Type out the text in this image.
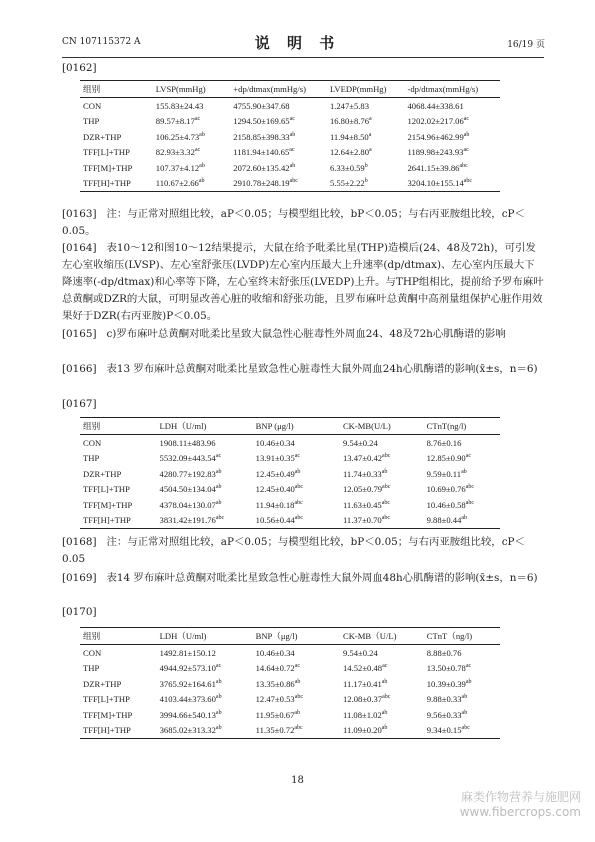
CN 107115372 A	说 明 书	16/19 页
[0162]
组别	LVSP(mmHg)	+dp/dtmax(mmHg/s)	LVEDP(mmHg)	-dp/dtmax(mmHg/s)
CON	155.83±24.43	4755.90±347.68	1.247±5.83	4068.44±338.61
THP	89.57±8.17$^{ac}$	1294.50±169.65$^{ac}$	16.80±8.76$^a$	1202.02±217.06$^{ac}$
DZR+THP	106.25±4.73$^{ab}$	2158.85±398.33$^{ab}$	11.94±8.50$^a$	2154.96±462.99$^{ab}$
TFF[L]+THP	82.93±3.32$^{ac}$	1181.94±140.65$^{ac}$	12.64±2.80$^a$	1189.98±243.93$^{ac}$
TFF[M]+THP	107.37±4.12$^{ab}$	2072.60±135.42$^{ab}$	6.33±0.59$^b$	2641.15±39.86$^{abc}$
TFF[H]+THP	110.67±2.66$^{ab}$	2910.78±248.19$^{abc}$	5.55±2.22$^b$	3204.10±155.14$^{abc}$
[0163] 注：与正常对照组比较，aP＜0.05；与模型组比较，bP＜0.05；与右丙亚胺组比较，cP＜0.05。
[0164] 表10～12和图10～12结果提示，大鼠在给予吡柔比星(THP)造模后(24、48及72h)，可引发左心室收缩压(LVSP)、左心室舒张压(LVDP)左心室内压最大上升速率(dp/dtmax)、左心室内压最大下降速率(-dp/dtmax)和心率等下降，左心室终末舒张压(LVEDP)上升。与THP组相比，提前给予罗布麻叶总黄酮或DZR的大鼠，可明显改善心脏的收缩和舒张功能，且罗布麻叶总黄酮中高剂量组保护心脏作用效果好于DZR(右丙亚胺)P＜0.05。
[0165] c)罗布麻叶总黄酮对吡柔比星致大鼠急性心脏毒性外周血24、48及72h心肌酶谱的影响
[0166] 表13 罗布麻叶总黄酮对吡柔比星致急性心脏毒性大鼠外周血24h心肌酶谱的影响(x̄±s，n＝6)
[0167]
组别	LDH（U/ml)	BNP (μg/l)	CK-MB(U/L)	CTnT(ng/l)
CON	1908.11±483.96	10.46±0.34	9.54±0.24	8.76±0.16
THP	5532.09±443.54$^{ac}$	13.91±0.35$^{ac}$	13.47±0.42$^{abc}$	12.85±0.90$^{ac}$
DZR+THP	4280.77±192.83$^{ab}$	12.45±0.49$^{ab}$	11.74±0.33$^{ab}$	9.59±0.11$^{ab}$
TFF[L]+THP	4504.50±134.04$^{ab}$	12.45±0.40$^{abc}$	12.05±0.79$^{abc}$	10.69±0.76$^{abc}$
TFF[M]+THP	4378.04±130.07$^{ab}$	11.94±0.18$^{abc}$	11.63±0.45$^{abc}$	10.46±0.58$^{abc}$
TFF[H]+THP	3831.42±191.76$^{abc}$	10.56±0.44$^{abc}$	11.37±0.70$^{abc}$	9.88±0.44$^{ab}$
[0168] 注：与正常对照组比较，aP＜0.05；与模型组比较，bP＜0.05；与右丙亚胺组比较，cP＜0.05
[0169] 表14 罗布麻叶总黄酮对吡柔比星致急性心脏毒性大鼠外周血48h心肌酶谱的影响(x̄±s，n＝6)
[0170]
组别	LDH（U/ml)	BNP（μg/l)	CK-MB（U/L)	CTnT（ng/l)
CON	1492.81±150.12	10.46±0.34	9.54±0.24	8.88±0.76
THP	4944.92±573.10$^{ac}$	14.64±0.72$^{ac}$	14.52±0.48$^{ac}$	13.50±0.78$^{ac}$
DZR+THP	3765.92±164.61$^{ab}$	13.35±0.86$^{ab}$	11.17±0.41$^{ab}$	10.39±0.39$^{ab}$
TFF[L]+THP	4103.44±373.60$^{ab}$	12.47±0.53$^{abc}$	12.08±0.37$^{abc}$	9.88±0.33$^{ab}$
TFF[M]+THP	3994.66±540.13$^{ab}$	11.95±0.67$^{ab}$	11.08±1.02$^{ab}$	9.56±0.33$^{ab}$
TFF[H]+THP	3685.02±313.32$^{ab}$	11.35±0.72$^{abc}$	11.09±0.20$^{ab}$	9.34±0.15$^{abc}$
18
麻类作物营养与施肥网
www.fibercrops.com
